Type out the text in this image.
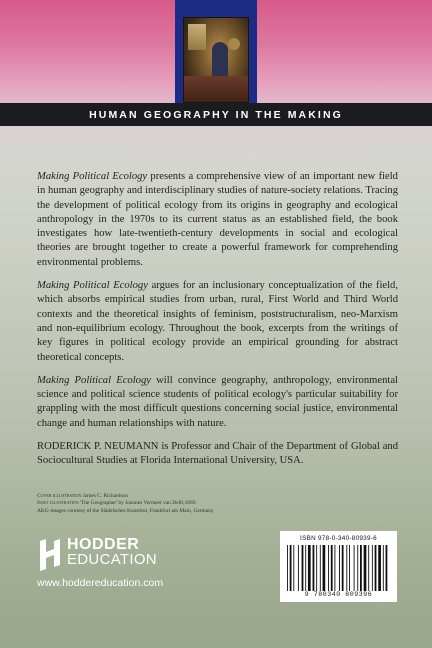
HUMAN GEOGRAPHY IN THE MAKING

Making Political Ecology presents a comprehensive view of an important new field in human geography and interdisciplinary studies of nature-society relations. Tracing the development of political ecology from its origins in geography and ecological anthropology in the 1970s to its current status as an established field, the book investigates how late-twentieth-century developments in social and ecological theories are brought together to create a powerful framework for comprehending environmental problems.

Making Political Ecology argues for an inclusionary conceptualization of the field, which absorbs empirical studies from urban, rural, First World and Third World contexts and the theoretical insights of feminism, poststructuralism, neo-Marxism and non-equilibrium ecology. Throughout the book, excerpts from the writings of key figures in political ecology provide an empirical grounding for abstract theoretical concepts.

Making Political Ecology will convince geography, anthropology, environmental science and political science students of political ecology's particular suitability for grappling with the most difficult questions concerning social justice, environmental change and human relationships with nature.

RODERICK P. NEUMANN is Professor and Chair of the Department of Global and Sociocultural Studies at Florida International University, USA.

Cover illustration James C. Richardson
Inset illustration 'The Geographer' by Joannes Vermeer van Delft,1669.
AKG-images courtesy of the Städelsches Kunstitut, Frankfurt am Main, Germany
HODDER
EDUCATION
www.hoddereducation.com
ISBN 978-0-340-80939-6
9 780340 809396
